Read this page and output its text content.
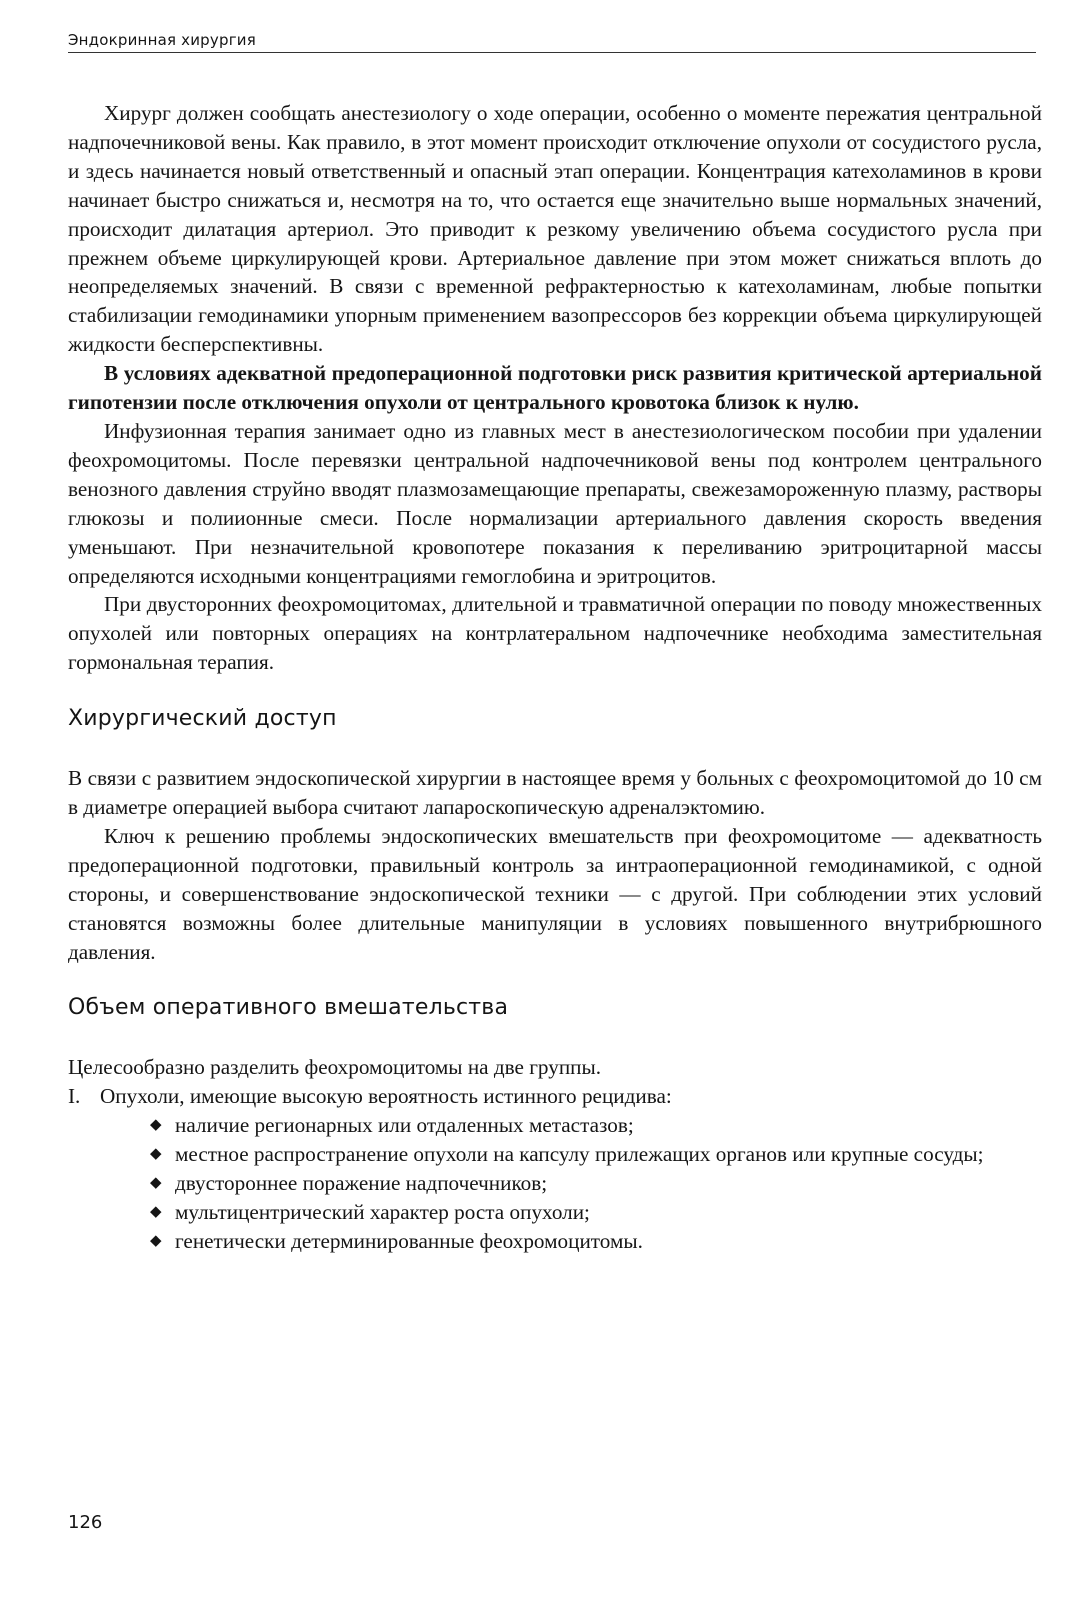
Эндокринная хирургия

Хирург должен сообщать анестезиологу о ходе операции, особенно о моменте пережатия центральной надпочечниковой вены. Как правило, в этот момент происходит отключение опухоли от сосудистого русла, и здесь начинается новый ответственный и опасный этап операции. Концентрация катехоламинов в крови начинает быстро снижаться и, несмотря на то, что остается еще значительно выше нормальных значений, происходит дилатация артериол. Это приводит к резкому увеличению объема сосудистого русла при прежнем объеме циркулирующей крови. Артериальное давление при этом может снижаться вплоть до неопределяемых значений. В связи с временной рефрактерностью к катехоламинам, любые попытки стабилизации гемодинамики упорным применением вазопрессоров без коррекции объема циркулирующей жидкости бесперспективны.

В условиях адекватной предоперационной подготовки риск развития критической артериальной гипотензии после отключения опухоли от центрального кровотока близок к нулю.

Инфузионная терапия занимает одно из главных мест в анестезиологическом пособии при удалении феохромоцитомы. После перевязки центральной надпочечниковой вены под контролем центрального венозного давления струйно вводят плазмозамещающие препараты, свежезамороженную плазму, растворы глюкозы и полиионные смеси. После нормализации артериального давления скорость введения уменьшают. При незначительной кровопотере показания к переливанию эритроцитарной массы определяются исходными концентрациями гемоглобина и эритроцитов.

При двусторонних феохромоцитомах, длительной и травматичной операции по поводу множественных опухолей или повторных операциях на контрлатеральном надпочечнике необходима заместительная гормональная терапия.

Хирургический доступ

В связи с развитием эндоскопической хирургии в настоящее время у больных с феохромоцитомой до 10 см в диаметре операцией выбора считают лапароскопическую адреналэктомию.

Ключ к решению проблемы эндоскопических вмешательств при феохромоцитоме — адекватность предоперационной подготовки, правильный контроль за интраоперационной гемодинамикой, с одной стороны, и совершенствование эндоскопической техники — с другой. При соблюдении этих условий становятся возможны более длительные манипуляции в условиях повышенного внутрибрюшного давления.

Объем оперативного вмешательства

Целесообразно разделить феохромоцитомы на две группы.

I. Опухоли, имеющие высокую вероятность истинного рецидива:
◆ наличие регионарных или отдаленных метастазов;
◆ местное распространение опухоли на капсулу прилежащих органов или крупные сосуды;
◆ двустороннее поражение надпочечников;
◆ мультицентрический характер роста опухоли;
◆ генетически детерминированные феохромоцитомы.
126
